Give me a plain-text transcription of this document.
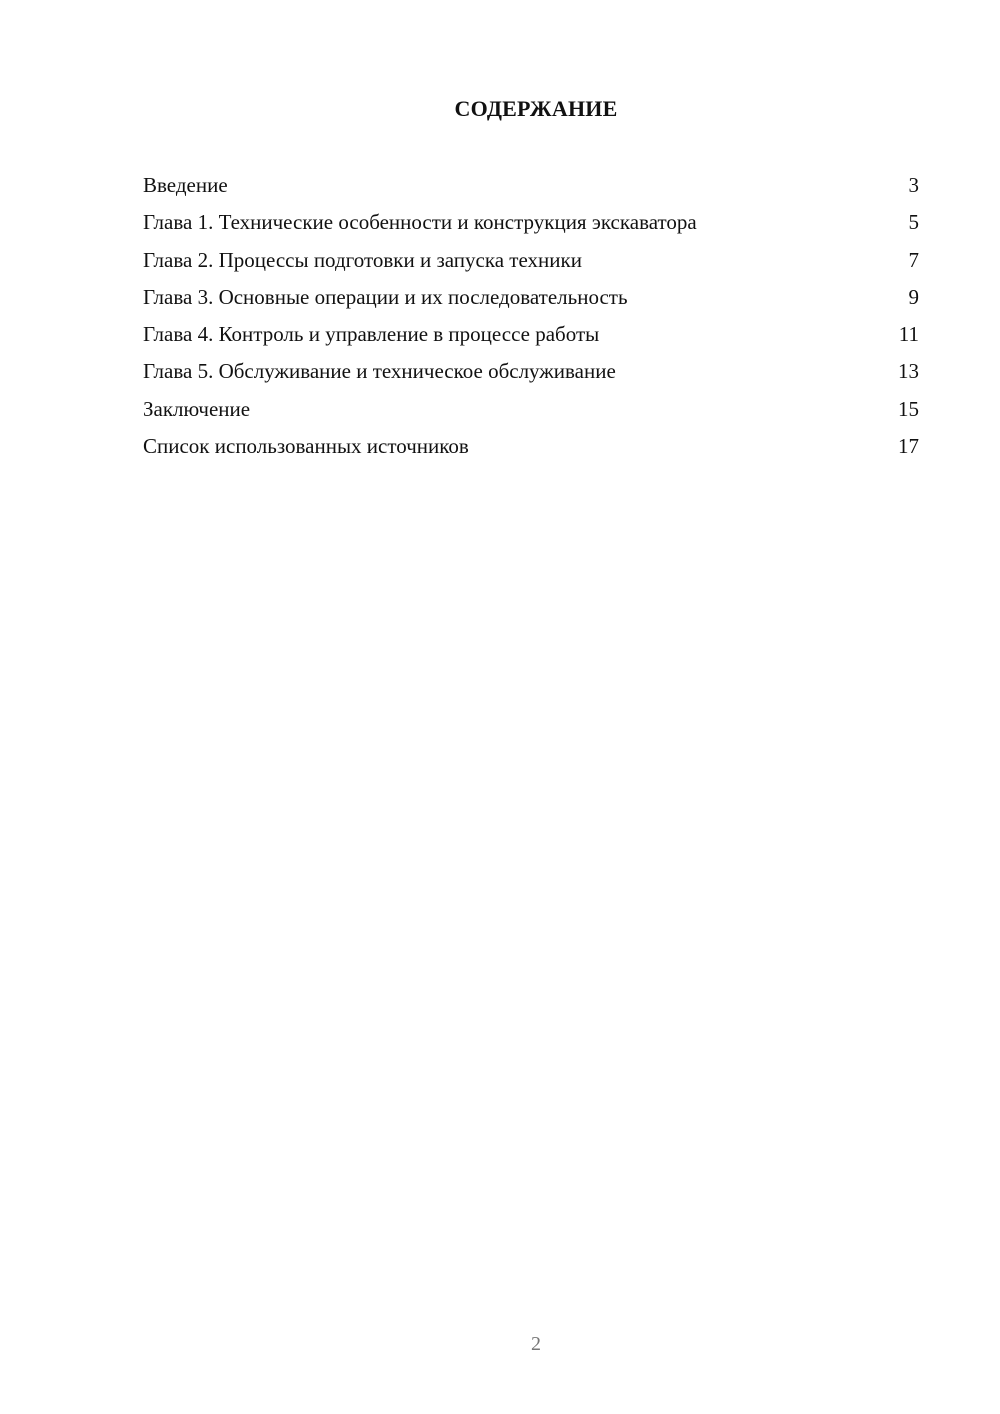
СОДЕРЖАНИЕ
Введение	3
Глава 1. Технические особенности и конструкция экскаватора	5
Глава 2. Процессы подготовки и запуска техники	7
Глава 3. Основные операции и их последовательность	9
Глава 4. Контроль и управление в процессе работы	11
Глава 5. Обслуживание и техническое обслуживание	13
Заключение	15
Список использованных источников	17
2
